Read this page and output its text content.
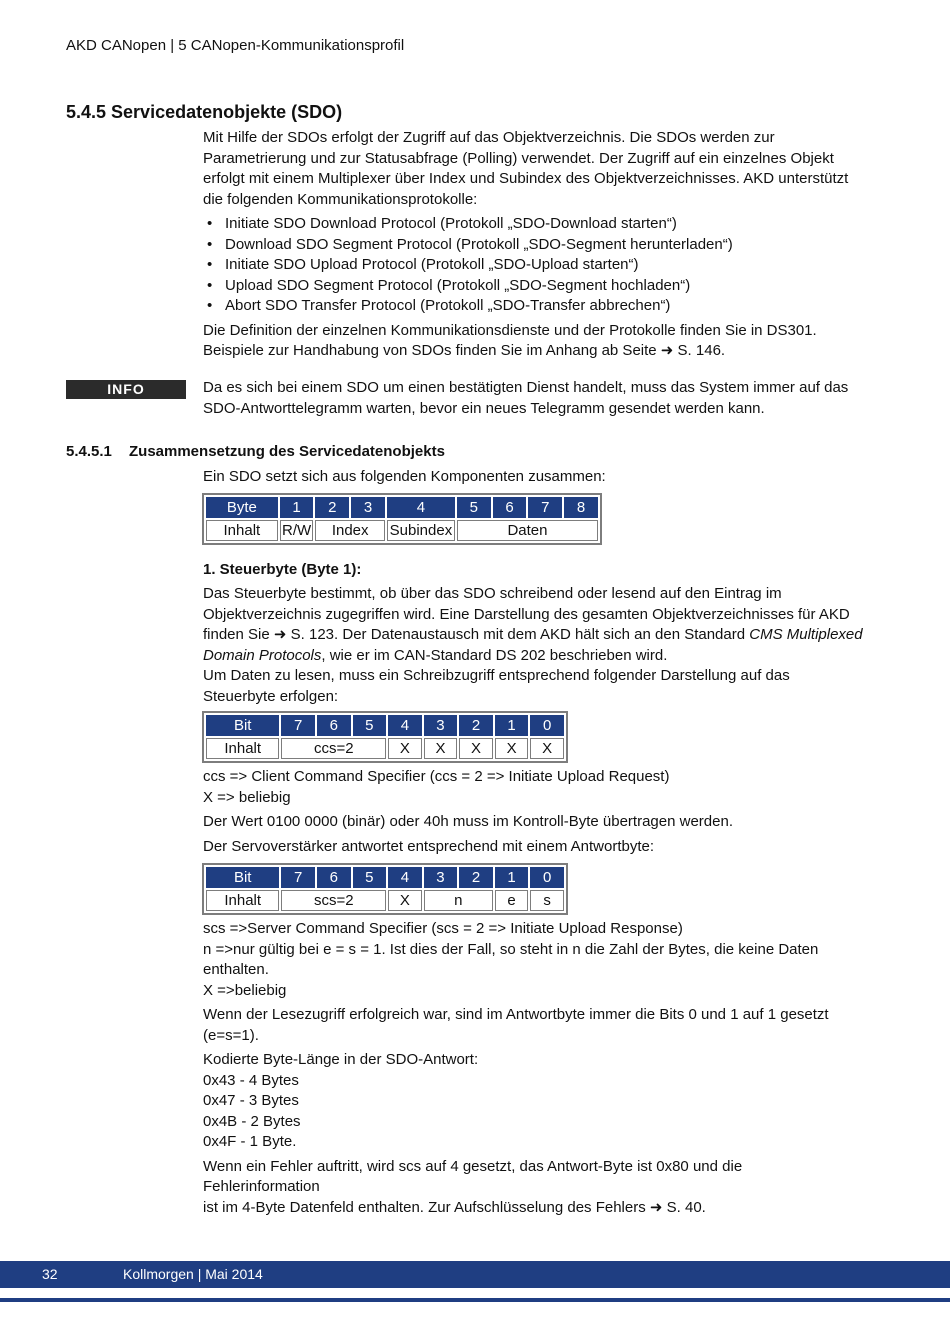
AKD CANopen | 5 CANopen-Kommunikationsprofil
5.4.5 Servicedatenobjekte (SDO)

Mit Hilfe der SDOs erfolgt der Zugriff auf das Objektverzeichnis. Die SDOs werden zur Parametrierung und zur Statusabfrage (Polling) verwendet. Der Zugriff auf ein einzelnes Objekt erfolgt mit einem Multiplexer über Index und Subindex des Objektverzeichnisses. AKD unterstützt die folgenden Kommunikationsprotokolle:

• Initiate SDO Download Protocol (Protokoll „SDO-Download starten“)
• Download SDO Segment Protocol (Protokoll „SDO-Segment herunterladen“)
• Initiate SDO Upload Protocol (Protokoll „SDO-Upload starten“)
• Upload SDO Segment Protocol (Protokoll „SDO-Segment hochladen“)
• Abort SDO Transfer Protocol (Protokoll „SDO-Transfer abbrechen“)

Die Definition der einzelnen Kommunikationsdienste und der Protokolle finden Sie in DS301.

Beispiele zur Handhabung von SDOs finden Sie im Anhang ab Seite ➜ S. 146.

INFO	Da es sich bei einem SDO um einen bestätigten Dienst handelt, muss das System immer auf das SDO-Antworttelegramm warten, bevor ein neues Telegramm gesendet werden kann.
5.4.5.1 Zusammensetzung des Servicedatenobjekts
Ein SDO setzt sich aus folgenden Komponenten zusammen:
Byte	1	2	3	4	5	6	7	8
Inhalt	R/W	Index		Subindex	Daten			
1. Steuerbyte (Byte 1):

Das Steuerbyte bestimmt, ob über das SDO schreibend oder lesend auf den Eintrag im Objektverzeichnis zugegriffen wird. Eine Darstellung des gesamten Objektverzeichnisses für AKD finden Sie ➜ S. 123. Der Datenaustausch mit dem AKD hält sich an den Standard CMS Multiplexed Domain Protocols, wie er im CAN-Standard DS 202 beschrieben wird.

Um Daten zu lesen, muss ein Schreibzugriff entsprechend folgender Darstellung auf das Steuerbyte erfolgen:

Bit	7	6	5	4	3	2	1	0
Inhalt	ccs=2			X	X	X	X	X

ccs => Client Command Specifier (ccs = 2 => Initiate Upload Request)

X => beliebig

Der Wert 0100 0000 (binär) oder 40h muss im Kontroll-Byte übertragen werden.

Der Servoverstärker antwortet entsprechend mit einem Antwortbyte:

Bit	7	6	5	4	3	2	1	0
Inhalt	scs=2			X	n		e	s

scs =>Server Command Specifier (scs = 2 => Initiate Upload Response)

n =>nur gültig bei e = s = 1. Ist dies der Fall, so steht in n die Zahl der Bytes, die keine Daten enthalten.

X =>beliebig

Wenn der Lesezugriff erfolgreich war, sind im Antwortbyte immer die Bits 0 und 1 auf 1 gesetzt (e=s=1).

Kodierte Byte-Länge in der SDO-Antwort:

0x43 - 4 Bytes

0x47 - 3 Bytes

0x4B - 2 Bytes

0x4F - 1 Byte.

Wenn ein Fehler auftritt, wird scs auf 4 gesetzt, das Antwort-Byte ist 0x80 und die Fehlerinformation

ist im 4-Byte Datenfeld enthalten. Zur Aufschlüsselung des Fehlers ➜ S. 40.

32	Kollmorgen | Mai 2014
